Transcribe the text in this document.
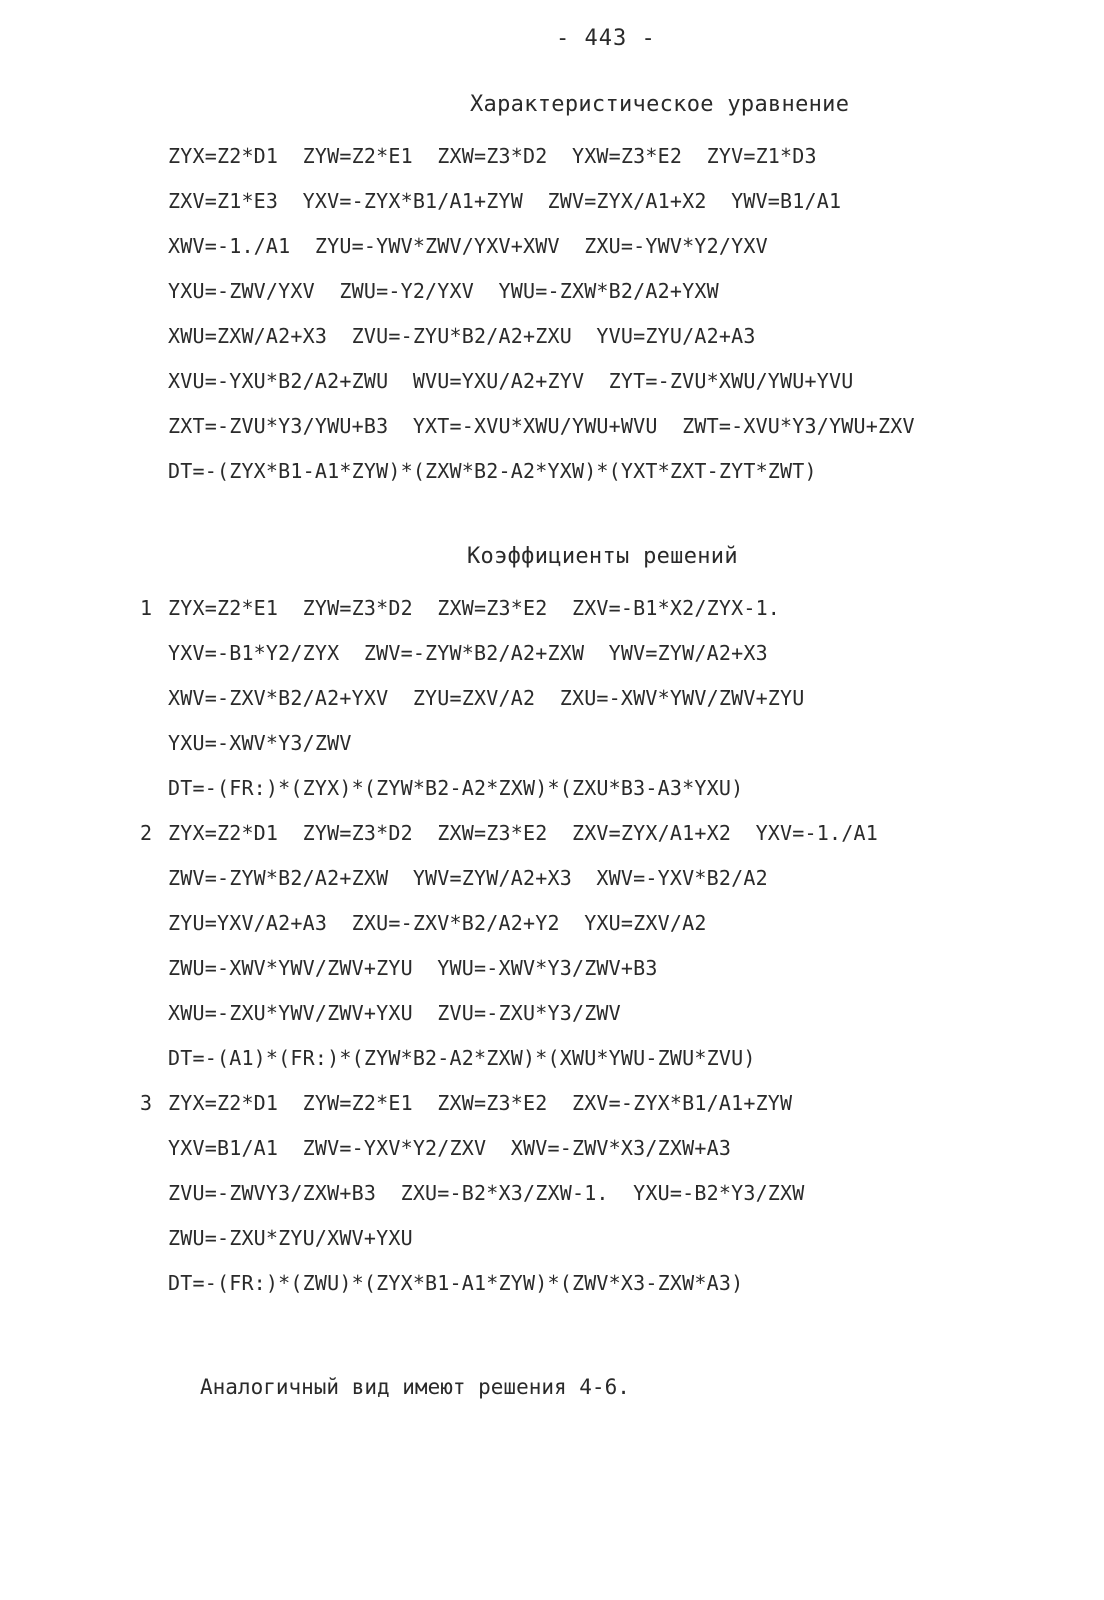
- 443 -
Характеристическое уравнение
ZYX=Z2*D1  ZYW=Z2*E1  ZXW=Z3*D2  YXW=Z3*E2  ZYV=Z1*D3
ZXV=Z1*E3  YXV=-ZYX*B1/A1+ZYW  ZWV=ZYX/A1+X2  YWV=B1/A1
XWV=-1./A1  ZYU=-YWV*ZWV/YXV+XWV  ZXU=-YWV*Y2/YXV
YXU=-ZWV/YXV  ZWU=-Y2/YXV  YWU=-ZXW*B2/A2+YXW
XWU=ZXW/A2+X3  ZVU=-ZYU*B2/A2+ZXU  YVU=ZYU/A2+A3
XVU=-YXU*B2/A2+ZWU  WVU=YXU/A2+ZYV  ZYT=-ZVU*XWU/YWU+YVU
ZXT=-ZVU*Y3/YWU+B3  YXT=-XVU*XWU/YWU+WVU  ZWT=-XVU*Y3/YWU+ZXV
DT=-(ZYX*B1-A1*ZYW)*(ZXW*B2-A2*YXW)*(YXT*ZXT-ZYT*ZWT)
Коэффициенты решений
1 ZYX=Z2*E1  ZYW=Z3*D2  ZXW=Z3*E2  ZXV=-B1*X2/ZYX-1.
YXV=-B1*Y2/ZYX  ZWV=-ZYW*B2/A2+ZXW  YWV=ZYW/A2+X3
XWV=-ZXV*B2/A2+YXV  ZYU=ZXV/A2  ZXU=-XWV*YWV/ZWV+ZYU
YXU=-XWV*Y3/ZWV
DT=-(FR:)*(ZYX)*(ZYW*B2-A2*ZXW)*(ZXU*B3-A3*YXU)
2 ZYX=Z2*D1  ZYW=Z3*D2  ZXW=Z3*E2  ZXV=ZYX/A1+X2  YXV=-1./A1
ZWV=-ZYW*B2/A2+ZXW  YWV=ZYW/A2+X3  XWV=-YXV*B2/A2
ZYU=YXV/A2+A3  ZXU=-ZXV*B2/A2+Y2  YXU=ZXV/A2
ZWU=-XWV*YWV/ZWV+ZYU  YWU=-XWV*Y3/ZWV+B3
XWU=-ZXU*YWV/ZWV+YXU  ZVU=-ZXU*Y3/ZWV
DT=-(A1)*(FR:)*(ZYW*B2-A2*ZXW)*(XWU*YWU-ZWU*ZVU)
3 ZYX=Z2*D1  ZYW=Z2*E1  ZXW=Z3*E2  ZXV=-ZYX*B1/A1+ZYW
YXV=B1/A1  ZWV=-YXV*Y2/ZXV  XWV=-ZWV*X3/ZXW+A3
ZVU=-ZWVY3/ZXW+B3  ZXU=-B2*X3/ZXW-1.  YXU=-B2*Y3/ZXW
ZWU=-ZXU*ZYU/XWV+YXU
DT=-(FR:)*(ZWU)*(ZYX*B1-A1*ZYW)*(ZWV*X3-ZXW*A3)
Аналогичный вид имеют решения 4-6.
